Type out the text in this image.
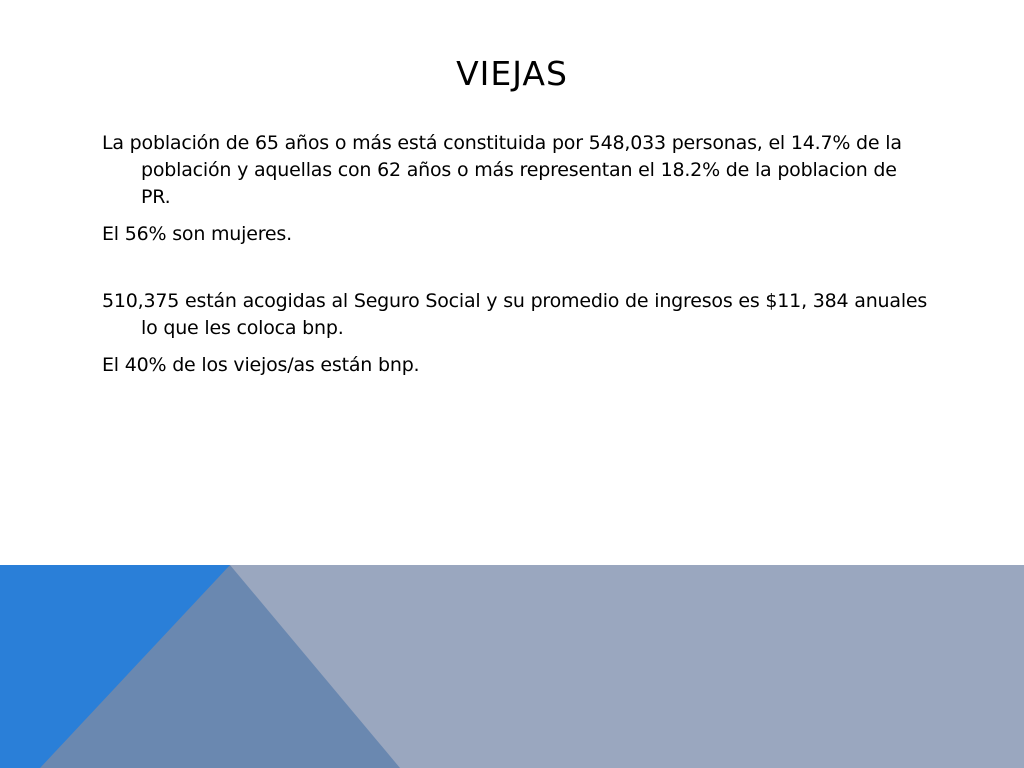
VIEJAS

La población de 65 años o más está constituida por 548,033 personas, el 14.7% de la población y aquellas con 62 años o más representan el 18.2% de la poblacion de PR.

El 56% son mujeres.

510,375 están acogidas al Seguro Social y su promedio de ingresos es $11, 384 anuales lo que les coloca bnp.

El 40% de los viejos/as están bnp.
